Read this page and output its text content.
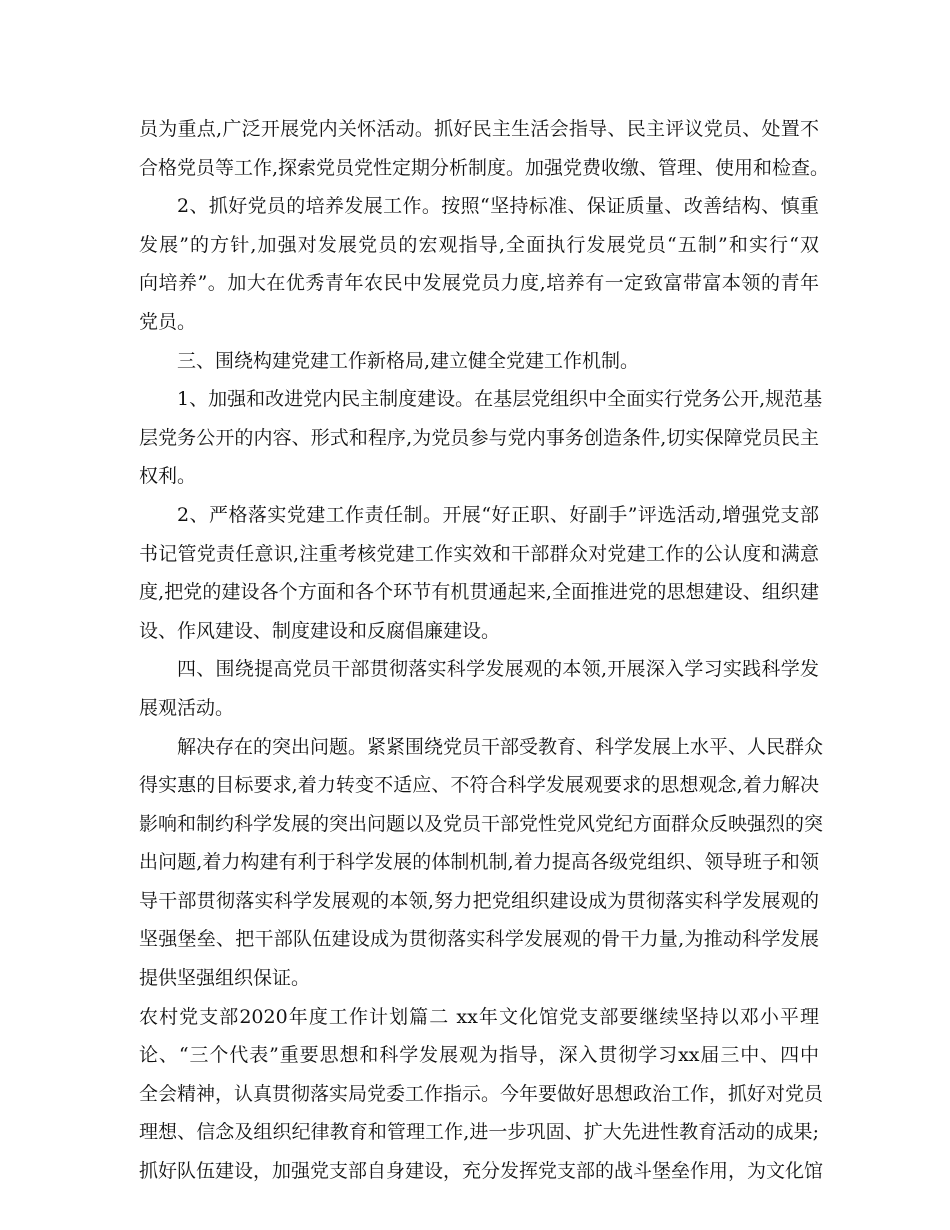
员为重点,广泛开展党内关怀活动。抓好民主生活会指导、民主评议党员、处置不
合格党员等工作,探索党员党性定期分析制度。加强党费收缴、管理、使用和检查。
2、抓好党员的培养发展工作。按照“坚持标准、保证质量、改善结构、慎重
发展”的方针,加强对发展党员的宏观指导,全面执行发展党员“五制”和实行“双
向培养”。加大在优秀青年农民中发展党员力度,培养有一定致富带富本领的青年
党员。
三、围绕构建党建工作新格局,建立健全党建工作机制。
1、加强和改进党内民主制度建设。在基层党组织中全面实行党务公开,规范基
层党务公开的内容、形式和程序,为党员参与党内事务创造条件,切实保障党员民主
权利。
2、严格落实党建工作责任制。开展“好正职、好副手”评选活动,增强党支部
书记管党责任意识,注重考核党建工作实效和干部群众对党建工作的公认度和满意
度,把党的建设各个方面和各个环节有机贯通起来,全面推进党的思想建设、组织建
设、作风建设、制度建设和反腐倡廉建设。
四、围绕提高党员干部贯彻落实科学发展观的本领,开展深入学习实践科学发
展观活动。
解决存在的突出问题。紧紧围绕党员干部受教育、科学发展上水平、人民群众
得实惠的目标要求,着力转变不适应、不符合科学发展观要求的思想观念,着力解决
影响和制约科学发展的突出问题以及党员干部党性党风党纪方面群众反映强烈的突
出问题,着力构建有利于科学发展的体制机制,着力提高各级党组织、领导班子和领
导干部贯彻落实科学发展观的本领,努力把党组织建设成为贯彻落实科学发展观的
坚强堡垒、把干部队伍建设成为贯彻落实科学发展观的骨干力量,为推动科学发展
提供坚强组织保证。
农村党支部2020年度工作计划篇二 xx年文化馆党支部要继续坚持以邓小平理
论、“三个代表”重要思想和科学发展观为指导，深入贯彻学习xx届三中、四中
全会精神，认真贯彻落实局党委工作指示。今年要做好思想政治工作，抓好对党员
理想、信念及组织纪律教育和管理工作,进一步巩固、扩大先进性教育活动的成果;
抓好队伍建设，加强党支部自身建设，充分发挥党支部的战斗堡垒作用，为文化馆
